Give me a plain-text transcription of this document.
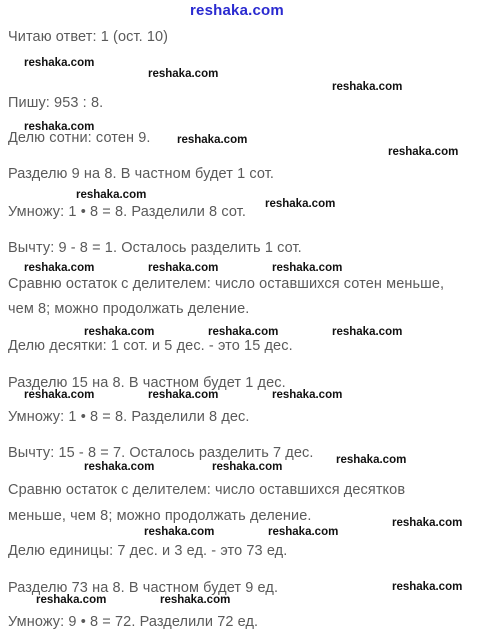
reshaka.com
Читаю ответ: 1 (ост. 10)
Пишу: 953 : 8.
Делю сотни: сотен 9.
Разделю 9 на 8. В частном будет 1 сот.
Умножу: 1 • 8 = 8. Разделили 8 сот.
Вычту: 9 - 8 = 1. Осталось разделить 1 сот.
Сравню остаток с делителем: число оставшихся сотен меньше,
чем 8; можно продолжать деление.
Делю десятки: 1 сот. и 5 дес. - это 15 дес.
Разделю 15 на 8. В частном будет 1 дес.
Умножу: 1 • 8 = 8. Разделили 8 дес.
Вычту: 15 - 8 = 7. Осталось разделить 7 дес.
Сравню остаток с делителем: число оставшихся десятков
меньше, чем 8; можно продолжать деление.
Делю единицы: 7 дес. и 3 ед. - это 73 ед.
Разделю 73 на 8. В частном будет 9 ед.
Умножу: 9 • 8 = 72. Разделили 72 ед.
reshaka.com
reshaka.com
reshaka.com
reshaka.com
reshaka.com
reshaka.com
reshaka.com
reshaka.com
reshaka.com	reshaka.com	reshaka.com
reshaka.com	reshaka.com	reshaka.com
reshaka.com	reshaka.com	reshaka.com
reshaka.com
reshaka.com	reshaka.com
reshaka.com
reshaka.com	reshaka.com
reshaka.com
reshaka.com	reshaka.com
